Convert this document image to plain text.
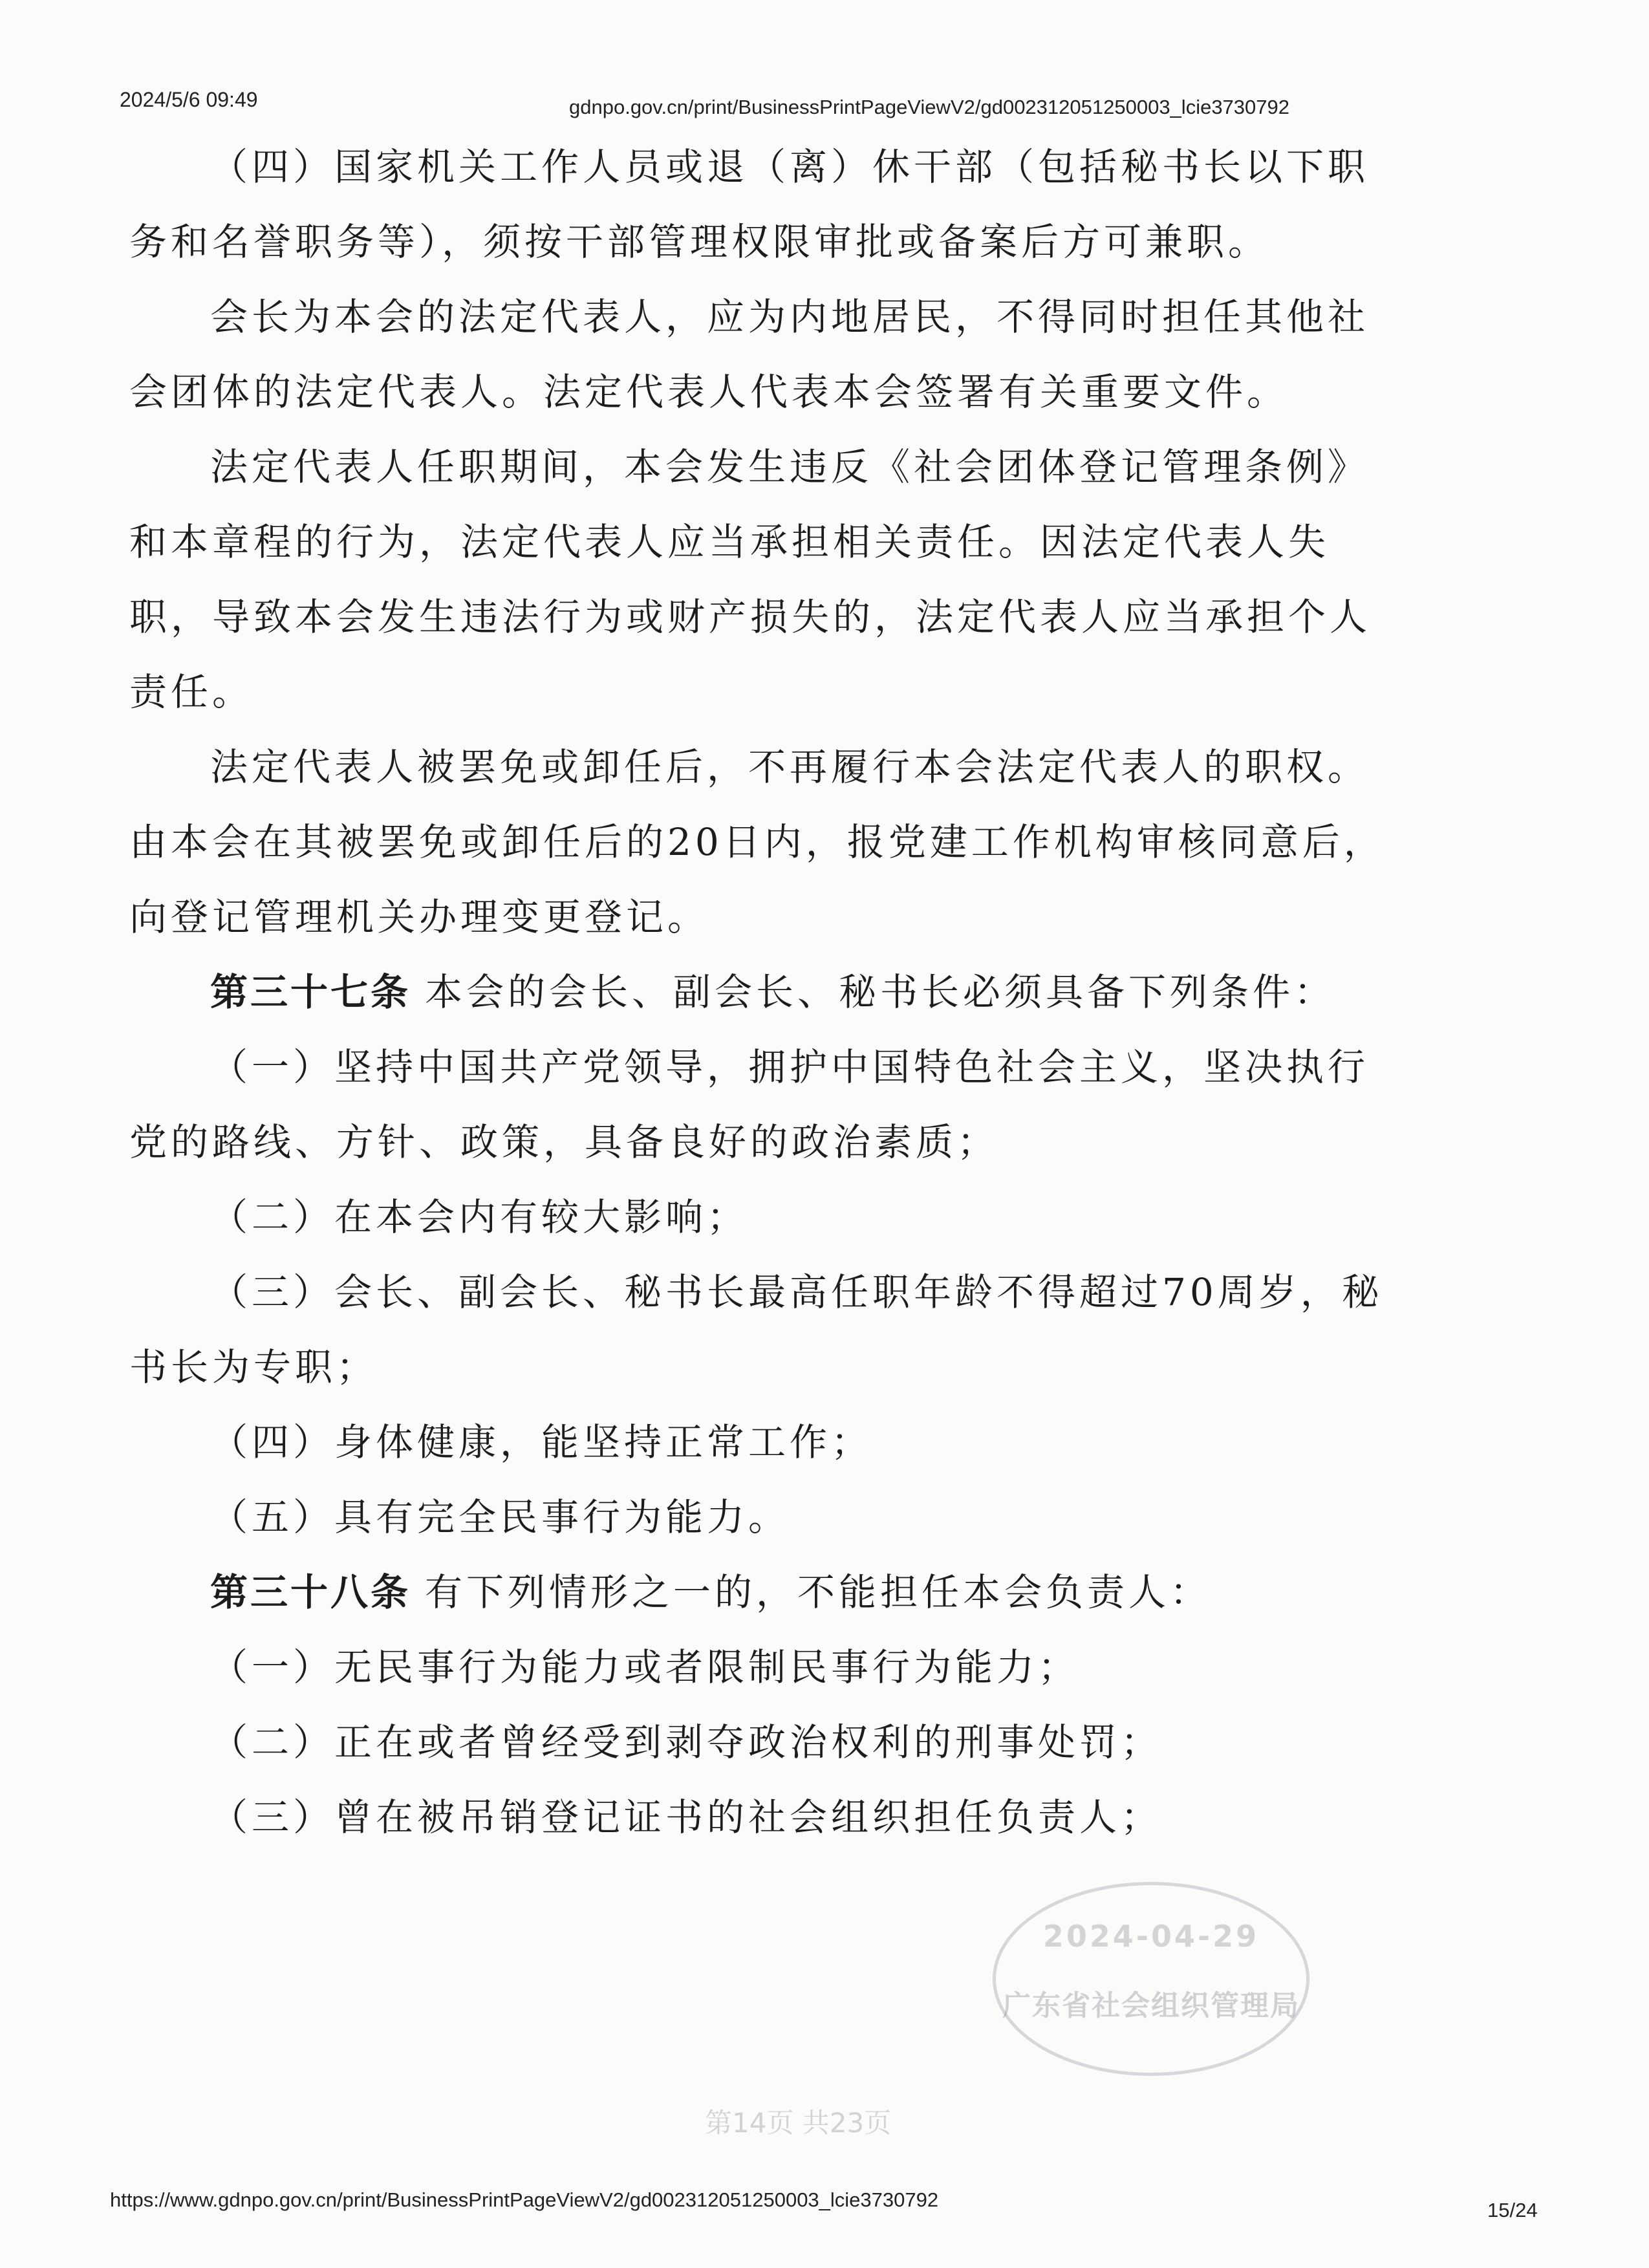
2024/5/6 09:49	gdnpo.gov.cn/print/BusinessPrintPageViewV2/gd002312051250003_lcie3730792

（四）国家机关工作人员或退（离）休干部（包括秘书长以下职务和名誉职务等），须按干部管理权限审批或备案后方可兼职。

会长为本会的法定代表人，应为内地居民，不得同时担任其他社会团体的法定代表人。法定代表人代表本会签署有关重要文件。

法定代表人任职期间，本会发生违反《社会团体登记管理条例》和本章程的行为，法定代表人应当承担相关责任。因法定代表人失职，导致本会发生违法行为或财产损失的，法定代表人应当承担个人责任。

法定代表人被罢免或卸任后，不再履行本会法定代表人的职权。由本会在其被罢免或卸任后的20日内，报党建工作机构审核同意后，向登记管理机关办理变更登记。

第三十七条 本会的会长、副会长、秘书长必须具备下列条件：

（一）坚持中国共产党领导，拥护中国特色社会主义，坚决执行党的路线、方针、政策，具备良好的政治素质；

（二）在本会内有较大影响；

（三）会长、副会长、秘书长最高任职年龄不得超过70周岁，秘书长为专职；

（四）身体健康，能坚持正常工作；

（五）具有完全民事行为能力。

第三十八条 有下列情形之一的，不能担任本会负责人：

（一）无民事行为能力或者限制民事行为能力；

（二）正在或者曾经受到剥夺政治权利的刑事处罚；

（三）曾在被吊销登记证书的社会组织担任负责人；

2024-04-29
广东省社会组织管理局
第14页 共23页
https://www.gdnpo.gov.cn/print/BusinessPrintPageViewV2/gd002312051250003_lcie3730792	15/24
